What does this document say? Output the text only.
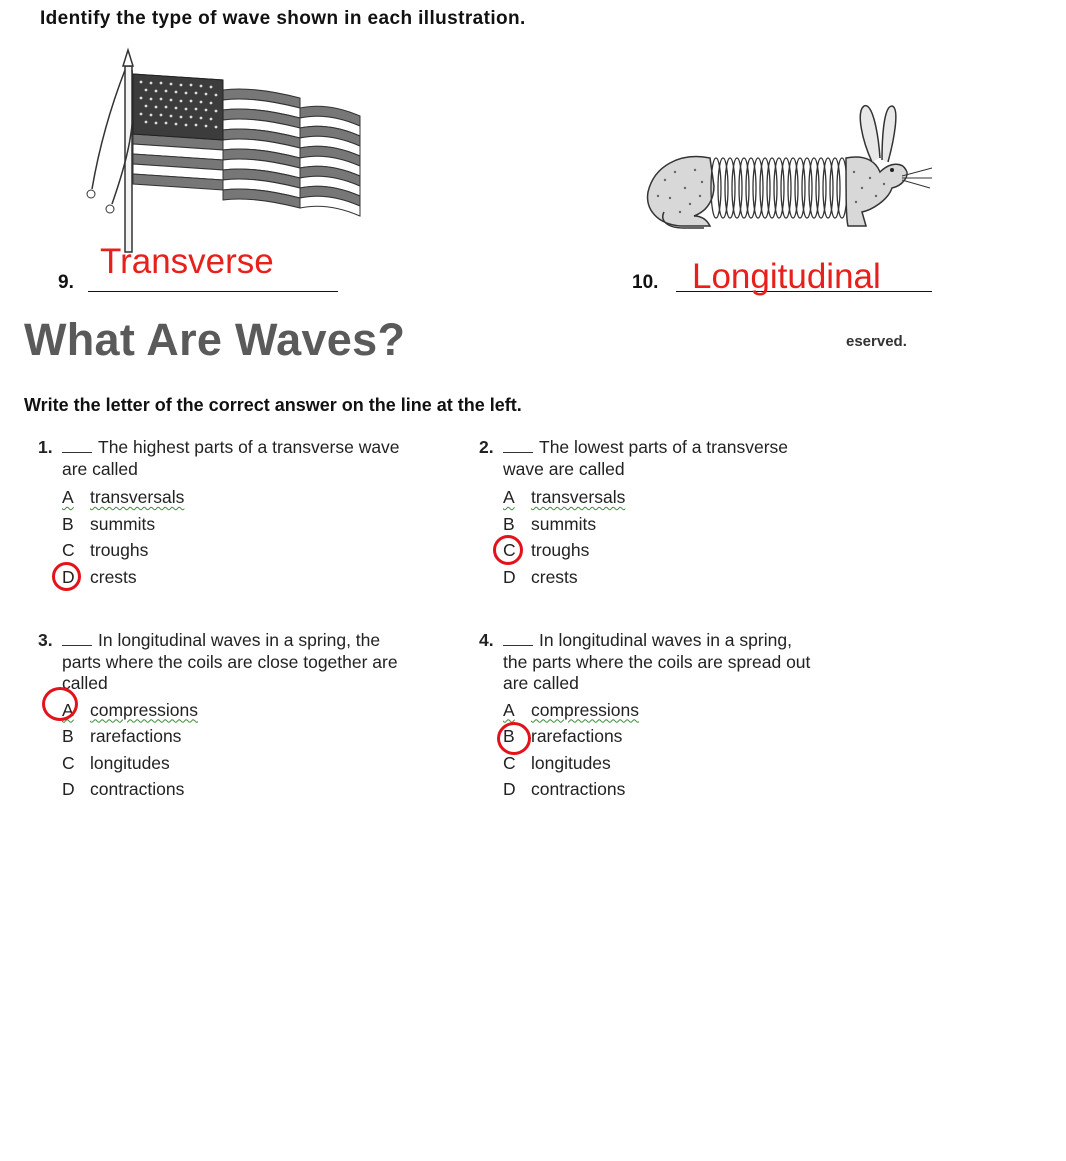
Identify the type of wave shown in each illustration.
9.
Transverse
10. Longitudinal
What Are Waves?	eserved.
Write the letter of the correct answer on the line at the left.
1.	The highest parts of a transverse wave
are called
A transversals
B summits
C troughs
D crests
2.	The lowest parts of a transverse
wave are called
A transversals
B summits
C troughs
D crests
3.	In longitudinal waves in a spring, the
parts where the coils are close together are
called
A compressions
B rarefactions
C longitudes
D contractions
4.	In longitudinal waves in a spring,
the parts where the coils are spread out
are called
A compressions
B rarefactions
C longitudes
D contractions
